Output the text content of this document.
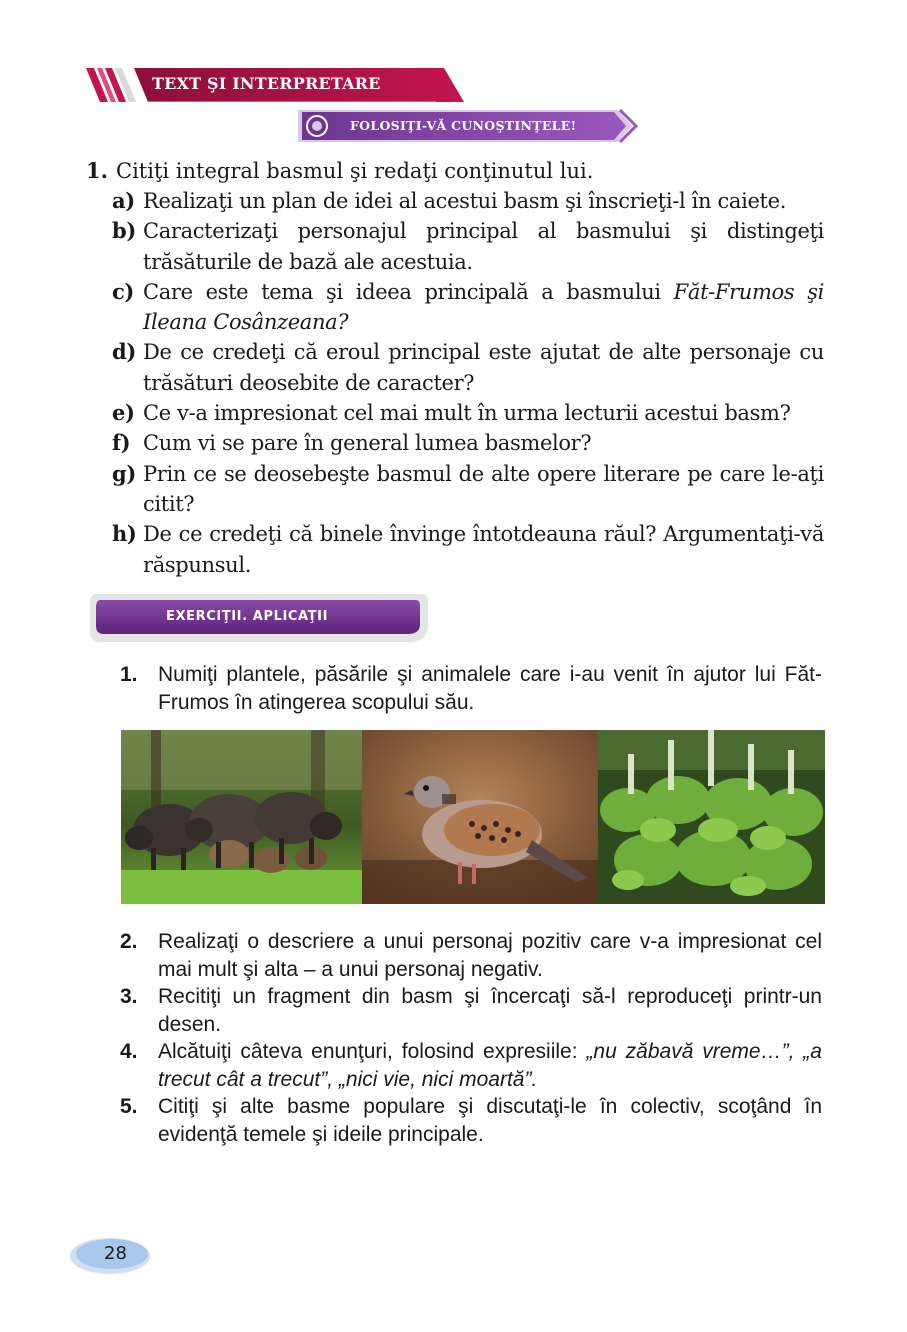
TEXT ŞI INTERPRETARE
FOLOSIŢI-VĂ CUNOŞTINŢELE!
1. Citiţi integral basmul şi redaţi conţinutul lui.
a) Realizaţi un plan de idei al acestui basm şi înscrieţi-l în caiete.
b) Caracterizaţi personajul principal al basmului şi distingeţi trăsăturile de bază ale acestuia.
c) Care este tema şi ideea principală a basmului Făt-Frumos şi Ileana Cosânzeana?
d) De ce credeţi că eroul principal este ajutat de alte personaje cu trăsături deosebite de caracter?
e) Ce v-a impresionat cel mai mult în urma lecturii acestui basm?
f) Cum vi se pare în general lumea basmelor?
g) Prin ce se deosebeşte basmul de alte opere literare pe care le-aţi citit?
h) De ce credeţi că binele învinge întotdeauna răul? Argumentaţi-vă răspunsul.
EXERCIŢII. APLICAŢII
1. Numiţi plantele, păsările şi animalele care i-au venit în ajutor lui Făt-Frumos în atingerea scopului său.
2. Realizaţi o descriere a unui personaj pozitiv care v-a impresionat cel mai mult şi alta – a unui personaj negativ.
3. Recitiţi un fragment din basm şi încercaţi să-l reproduceţi printr-un desen.
4. Alcătuiţi câteva enunţuri, folosind expresiile: „nu zăbavă vreme…”, „a trecut cât a trecut”, „nici vie, nici moartă”.
5. Citiţi şi alte basme populare şi discutaţi-le în colectiv, scoţând în evidenţă temele şi ideile principale.
28
